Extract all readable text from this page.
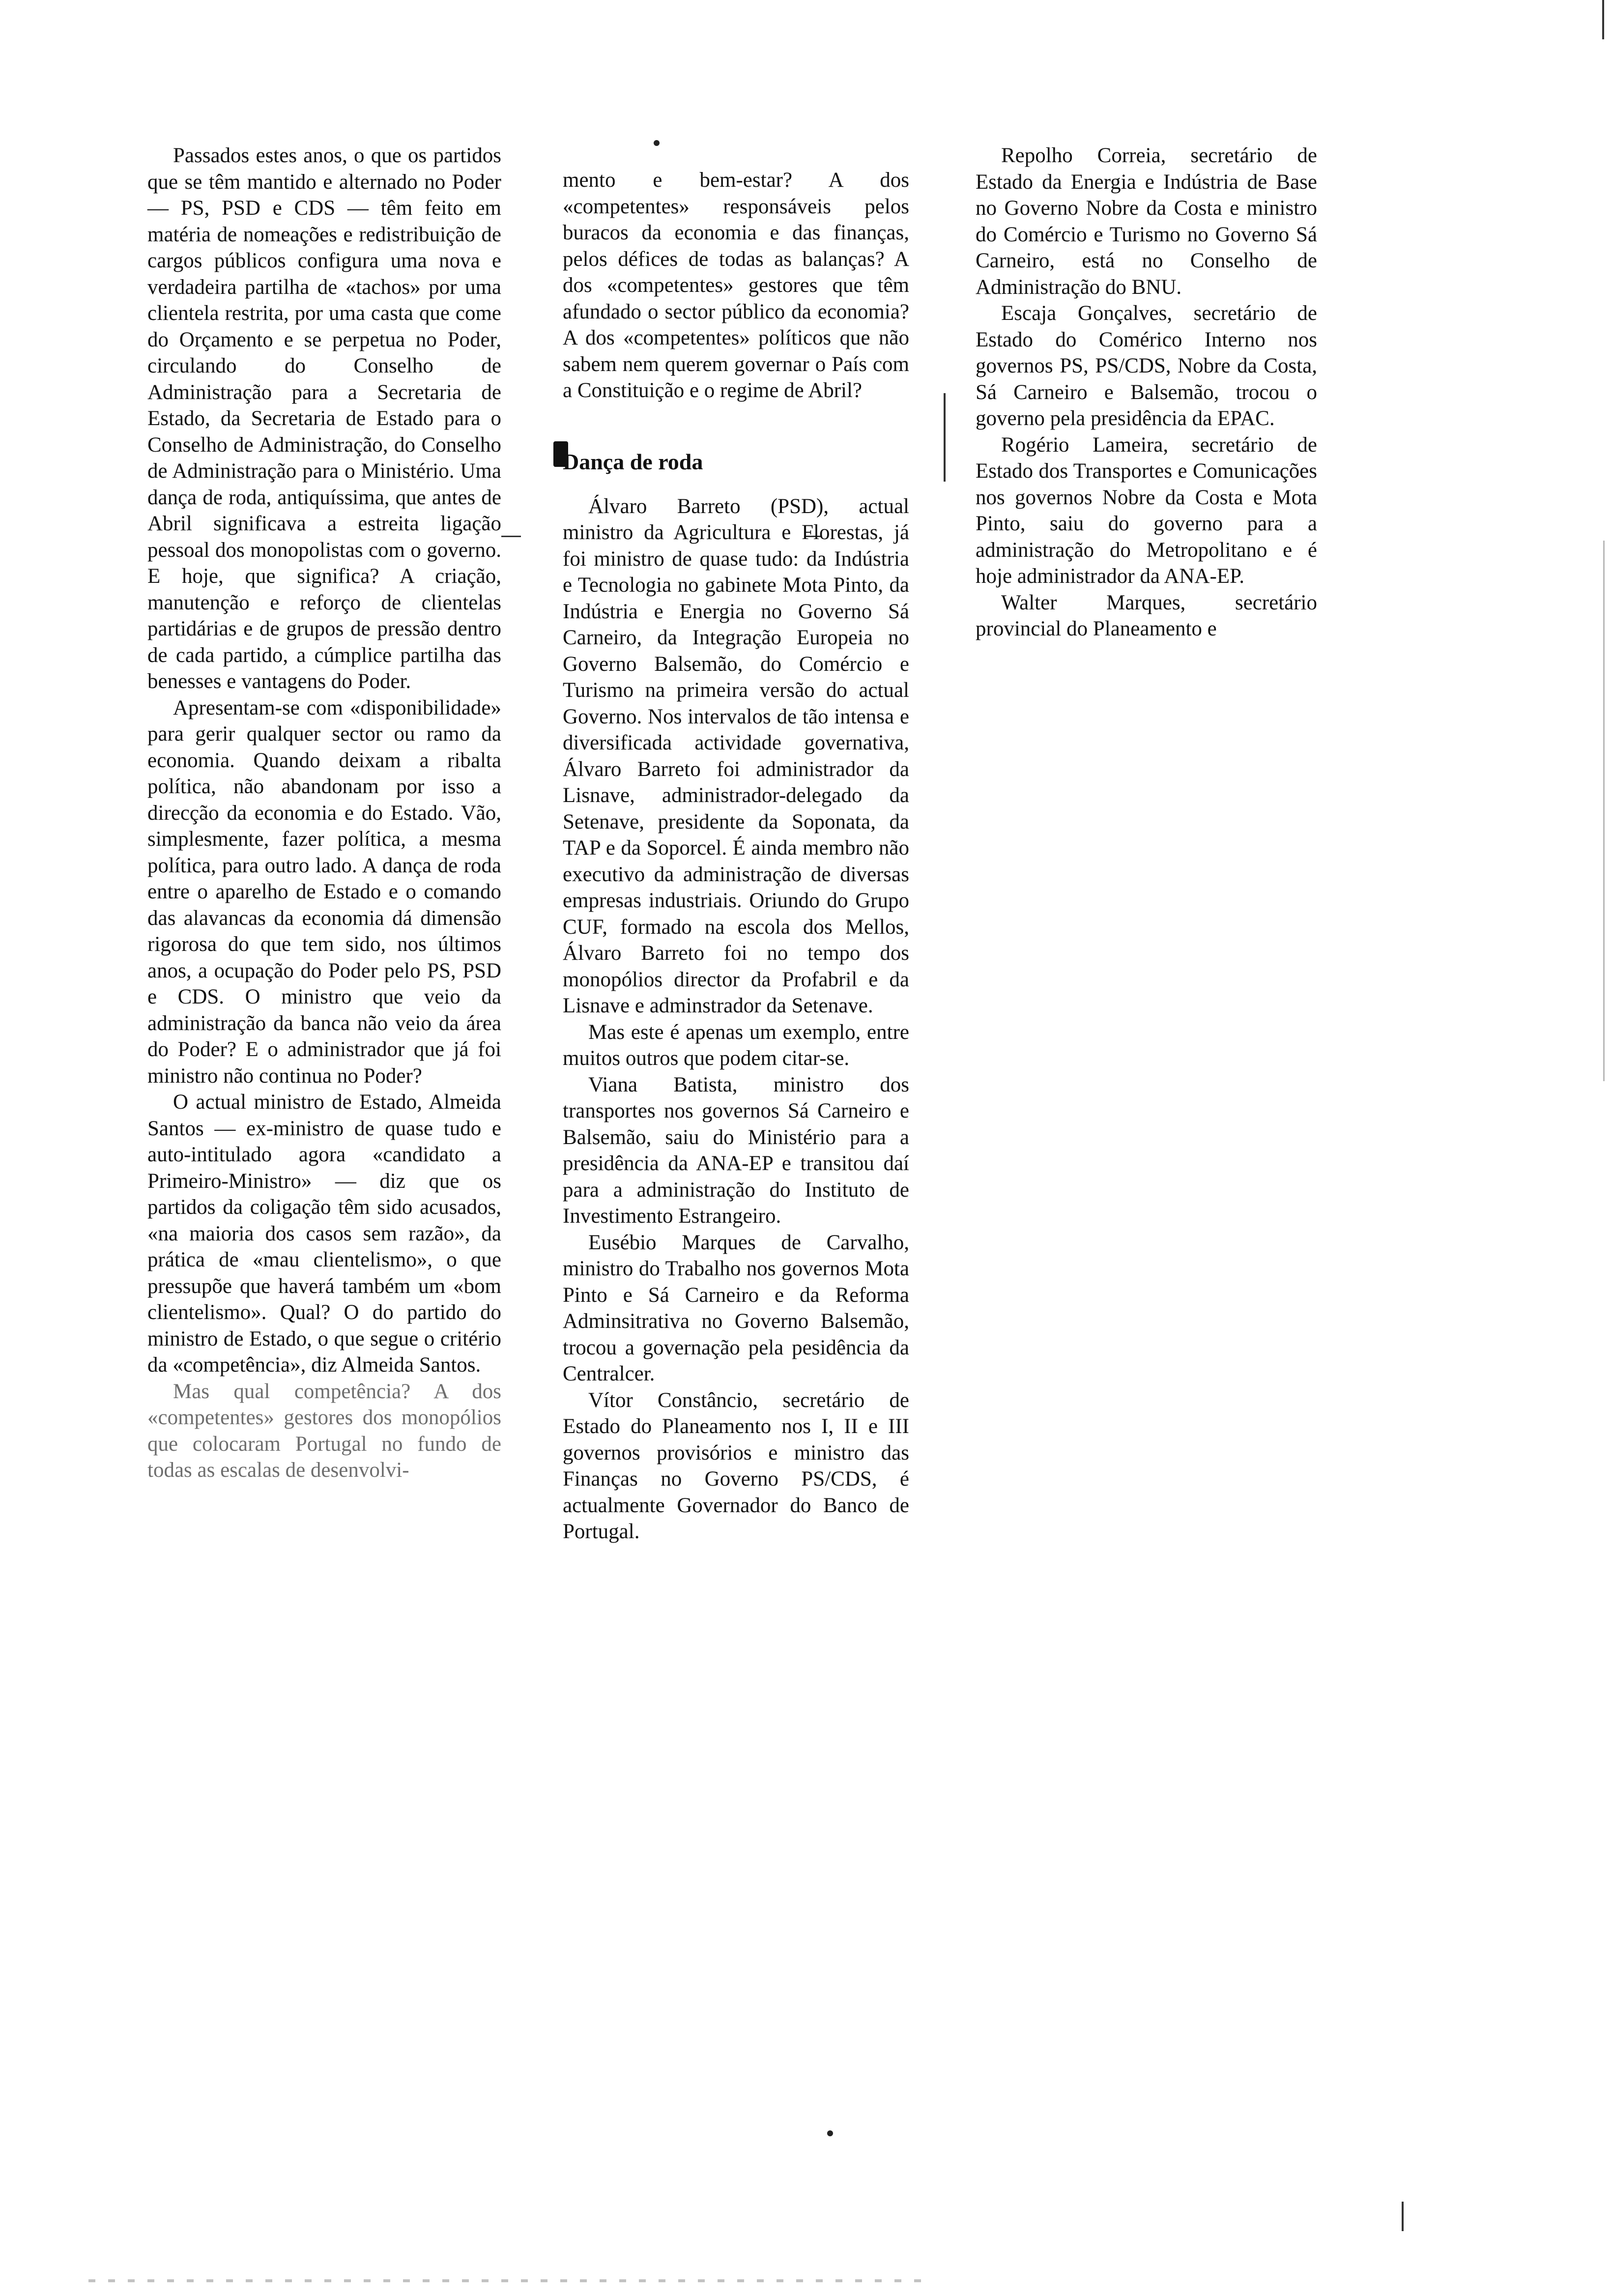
Passados estes anos, o que os partidos que se têm mantido e alternado no Poder — PS, PSD e CDS — têm feito em matéria de nomeações e redistribuição de cargos públicos configura uma nova e verdadeira partilha de «tachos» por uma clientela restrita, por uma casta que come do Orçamento e se perpetua no Poder, circulando do Conselho de Administração para a Secretaria de Estado, da Secretaria de Estado para o Conselho de Administração, do Conselho de Administração para o Ministério. Uma dança de roda, antiquíssima, que antes de Abril significava a estreita ligação pessoal dos monopolistas com o governo. E hoje, que significa? A criação, manutenção e reforço de clientelas partidárias e de grupos de pressão dentro de cada partido, a cúmplice partilha das benesses e vantagens do Poder.

Apresentam-se com «disponibilidade» para gerir qualquer sector ou ramo da economia. Quando deixam a ribalta política, não abandonam por isso a direcção da economia e do Estado. Vão, simplesmente, fazer política, a mesma política, para outro lado. A dança de roda entre o aparelho de Estado e o comando das alavancas da economia dá dimensão rigorosa do que tem sido, nos últimos anos, a ocupação do Poder pelo PS, PSD e CDS. O ministro que veio da administração da banca não veio da área do Poder? E o administrador que já foi ministro não continua no Poder?

O actual ministro de Estado, Almeida Santos — ex-ministro de quase tudo e auto-intitulado agora «candidato a Primeiro-Ministro» — diz que os partidos da coligação têm sido acusados, «na maioria dos casos sem razão», da prática de «mau clientelismo», o que pressupõe que haverá também um «bom clientelismo». Qual? O do partido do ministro de Estado, o que segue o critério da «competência», diz Almeida Santos.

Mas qual competência? A dos «competentes» gestores dos monopólios que colocaram Portugal no fundo de todas as escalas de desenvolvi-

mento e bem-estar? A dos «competentes» responsáveis pelos buracos da economia e das finanças, pelos défices de todas as balanças? A dos «competentes» gestores que têm afundado o sector público da economia? A dos «competentes» políticos que não sabem nem querem governar o País com a Constituição e o regime de Abril?

Dança de roda

Álvaro Barreto (PSD), actual ministro da Agricultura e Florestas, já foi ministro de quase tudo: da Indústria e Tecnologia no gabinete Mota Pinto, da Indústria e Energia no Governo Sá Carneiro, da Integração Europeia no Governo Balsemão, do Comércio e Turismo na primeira versão do actual Governo. Nos intervalos de tão intensa e diversificada actividade governativa, Álvaro Barreto foi administrador da Lisnave, administrador-delegado da Setenave, presidente da Soponata, da TAP e da Soporcel. É ainda membro não executivo da administração de diversas empresas industriais. Oriundo do Grupo CUF, formado na escola dos Mellos, Álvaro Barreto foi no tempo dos monopólios director da Profabril e da Lisnave e adminstrador da Setenave.

Mas este é apenas um exemplo, entre muitos outros que podem citar-se.

Viana Batista, ministro dos transportes nos governos Sá Carneiro e Balsemão, saiu do Ministério para a presidência da ANA-EP e transitou daí para a administração do Instituto de Investimento Estrangeiro.

Eusébio Marques de Carvalho, ministro do Trabalho nos governos Mota Pinto e Sá Carneiro e da Reforma Adminsitrativa no Governo Balsemão, trocou a governação pela pesidência da Centralcer.

Vítor Constâncio, secretário de Estado do Planeamento nos I, II e III governos provisórios e ministro das Finanças no Governo PS/CDS, é actualmente Governador do Banco de Portugal.

Repolho Correia, secretário de Estado da Energia e Indústria de Base no Governo Nobre da Costa e ministro do Comércio e Turismo no Governo Sá Carneiro, está no Conselho de Administração do BNU.

Escaja Gonçalves, secretário de Estado do Comérico Interno nos governos PS, PS/CDS, Nobre da Costa, Sá Carneiro e Balsemão, trocou o governo pela presidência da EPAC.

Rogério Lameira, secretário de Estado dos Transportes e Comunicações nos governos Nobre da Costa e Mota Pinto, saiu do governo para a administração do Metropolitano e é hoje administrador da ANA-EP.

Walter Marques, secretário provincial do Planeamento e
